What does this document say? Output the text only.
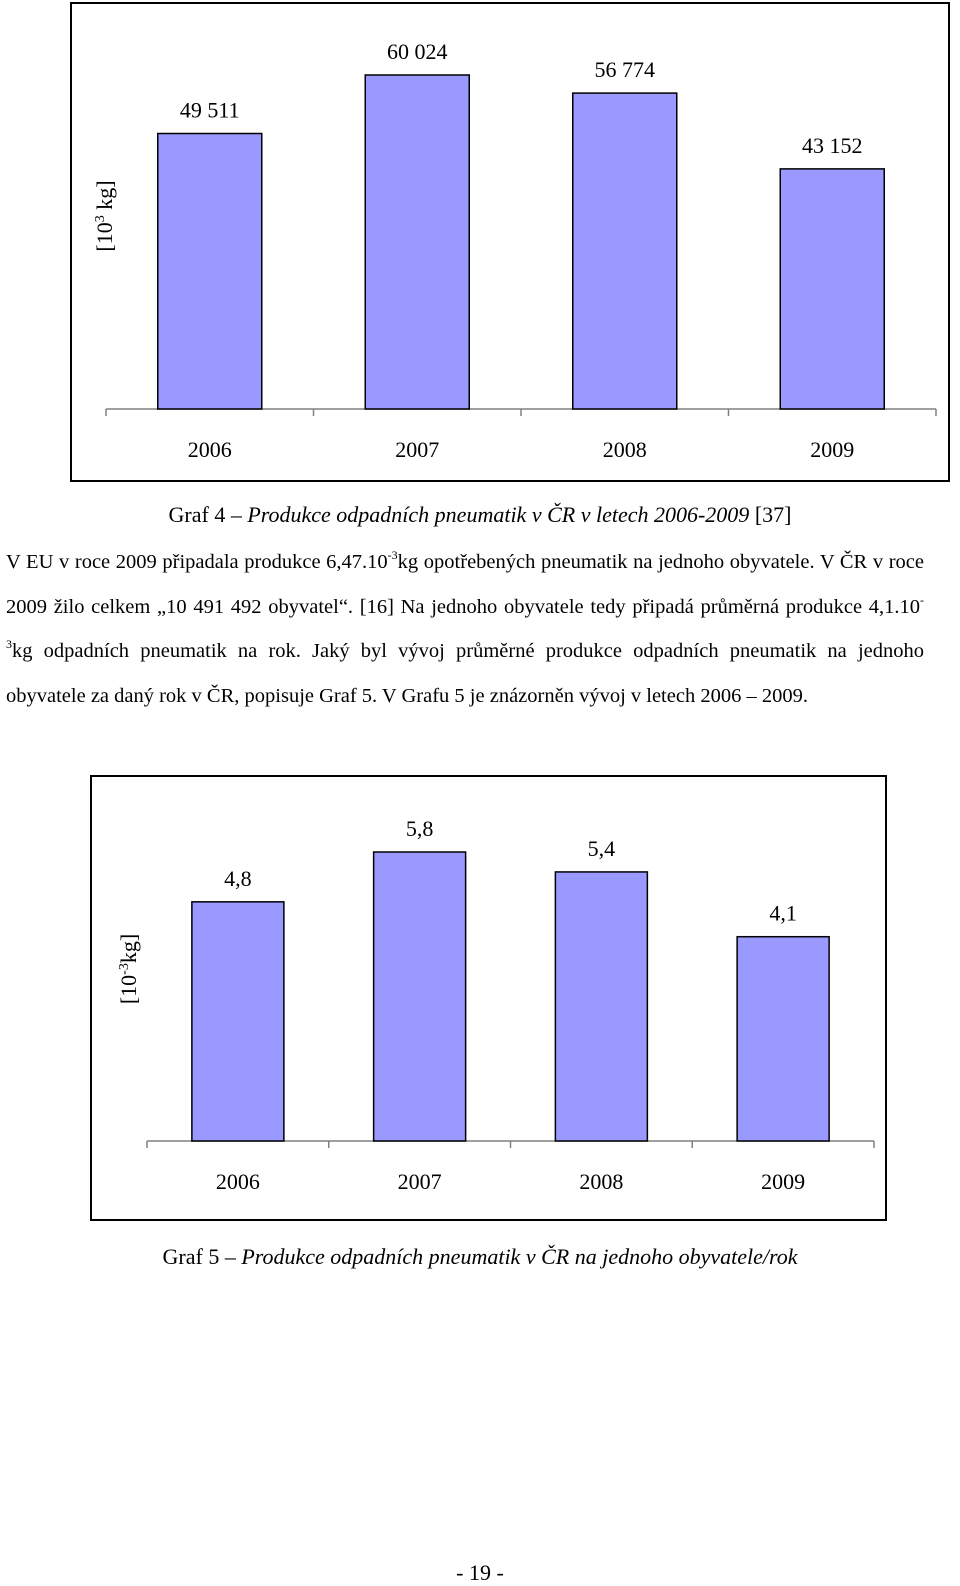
49 511
2006
60 024
2007
56 774
2008
43 152
2009
[$10^3$ kg]
Graf 4 – Produkce odpadních pneumatik v ČR v letech 2006-2009 [37]

V EU v roce 2009 připadala produkce $6,47.10^{-3}kg$ opotřebených pneumatik na jednoho obyvatele. V ČR v roce 2009 žilo celkem „10 491 492 obyvatel“. [16] Na jednoho obyvatele tedy připadá průměrná produkce $4,1.10^{-3}kg$ odpadních pneumatik na rok. Jaký byl vývoj průměrné produkce odpadních pneumatik na jednoho obyvatele za daný rok v ČR, popisuje Graf 5. V Grafu 5 je znázorněn vývoj v letech 2006 – 2009.

4,8
2006
5,8
2007
5,4
2008
4,1
2009
$[10^{-3}kg]$
Graf 5 – Produkce odpadních pneumatik v ČR na jednoho obyvatele/rok
- 19 -
